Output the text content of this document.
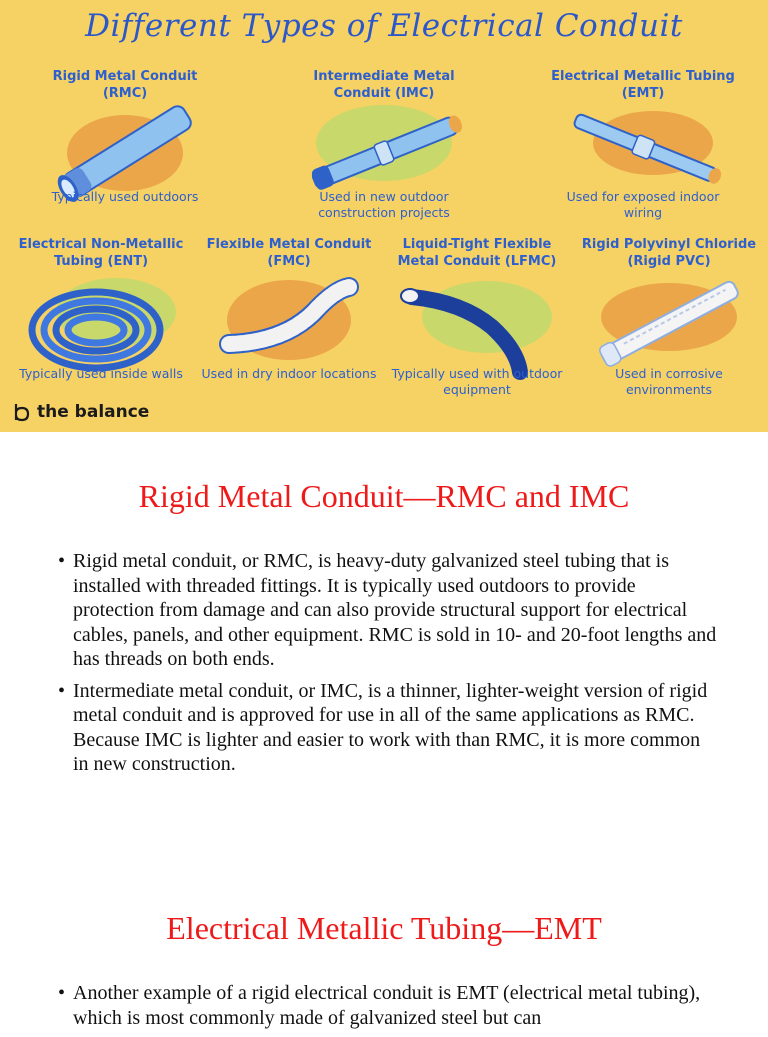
Different Types of Electrical Conduit
Rigid Metal Conduit (RMC)
Typically used outdoors
Intermediate Metal Conduit (IMC)
Used in new outdoor construction projects
Electrical Metallic Tubing (EMT)
Used for exposed indoor wiring
Electrical Non-Metallic Tubing (ENT)
Typically used inside walls
Flexible Metal Conduit (FMC)
Used in dry indoor locations
Liquid-Tight Flexible Metal Conduit (LFMC)
Typically used with outdoor equipment
Rigid Polyvinyl Chloride (Rigid PVC)
Used in corrosive environments
the balance
Rigid Metal Conduit—RMC and IMC
• Rigid metal conduit, or RMC, is heavy-duty galvanized steel tubing that is installed with threaded fittings. It is typically used outdoors to provide protection from damage and can also provide structural support for electrical cables, panels, and other equipment. RMC is sold in 10- and 20-foot lengths and has threads on both ends.
• Intermediate metal conduit, or IMC, is a thinner, lighter-weight version of rigid metal conduit and is approved for use in all of the same applications as RMC. Because IMC is lighter and easier to work with than RMC, it is more common in new construction.
Electrical Metallic Tubing—EMT
• Another example of a rigid electrical conduit is EMT (electrical metal tubing), which is most commonly made of galvanized steel but can
